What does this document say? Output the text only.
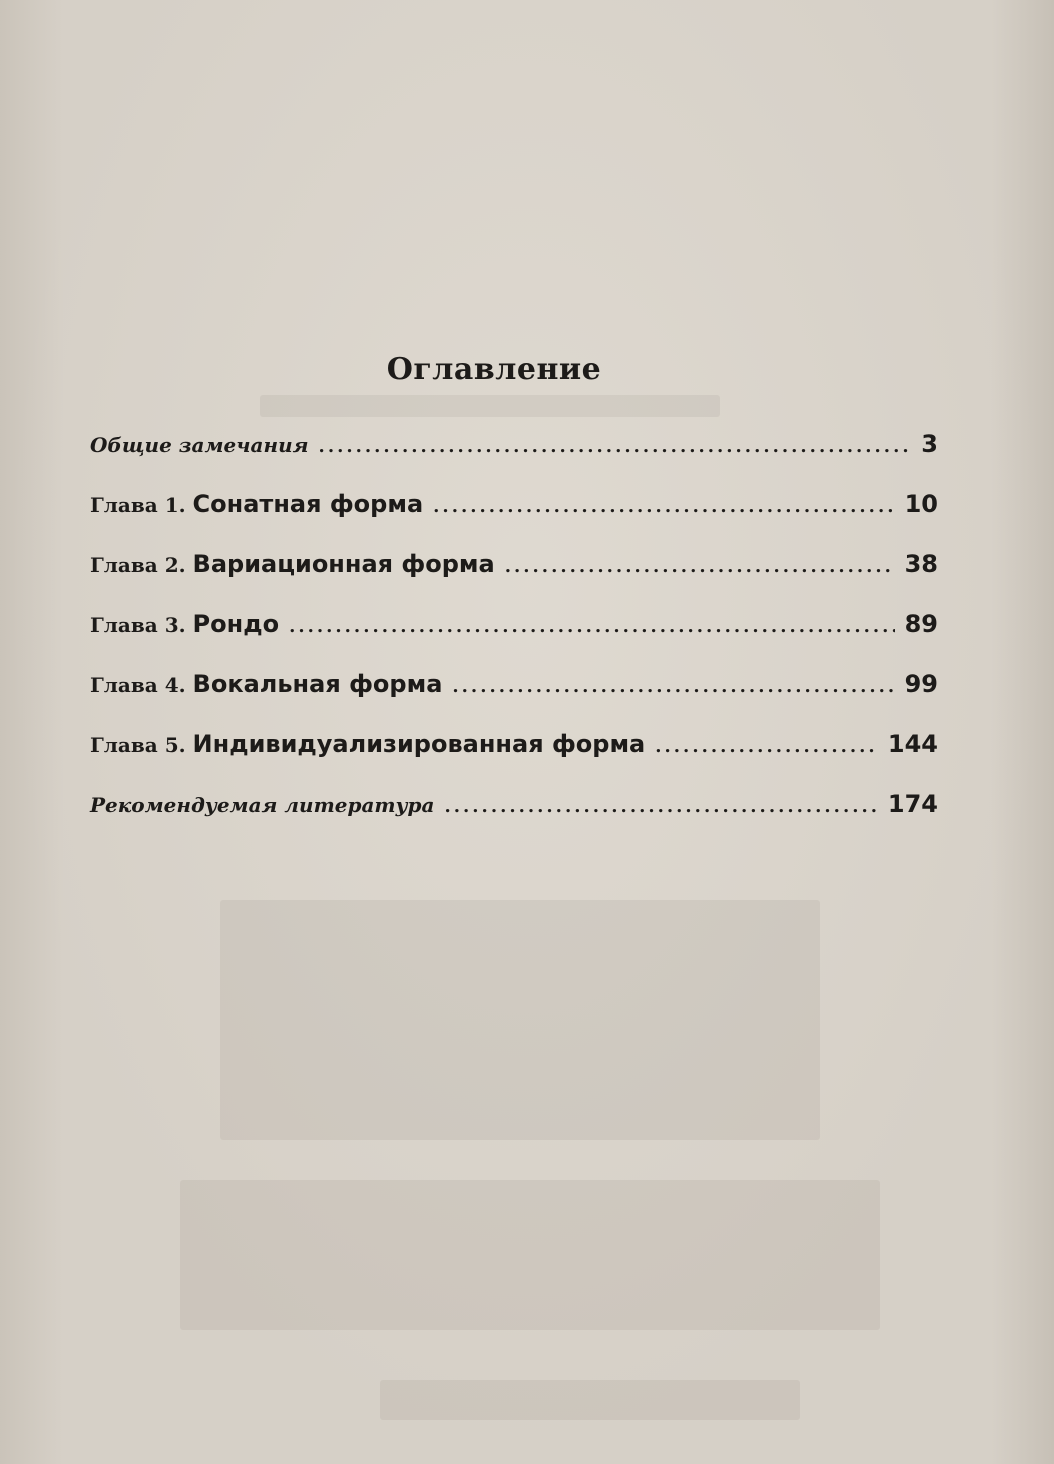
Оглавление
Общие замечания .....	3
Глава 1. Сонатная форма .....	10
Глава 2. Вариационная форма .....	38
Глава 3. Рондо .....	89
Глава 4. Вокальная форма .....	99
Глава 5. Индивидуализированная форма .....	144
Рекомендуемая литература .....	174
